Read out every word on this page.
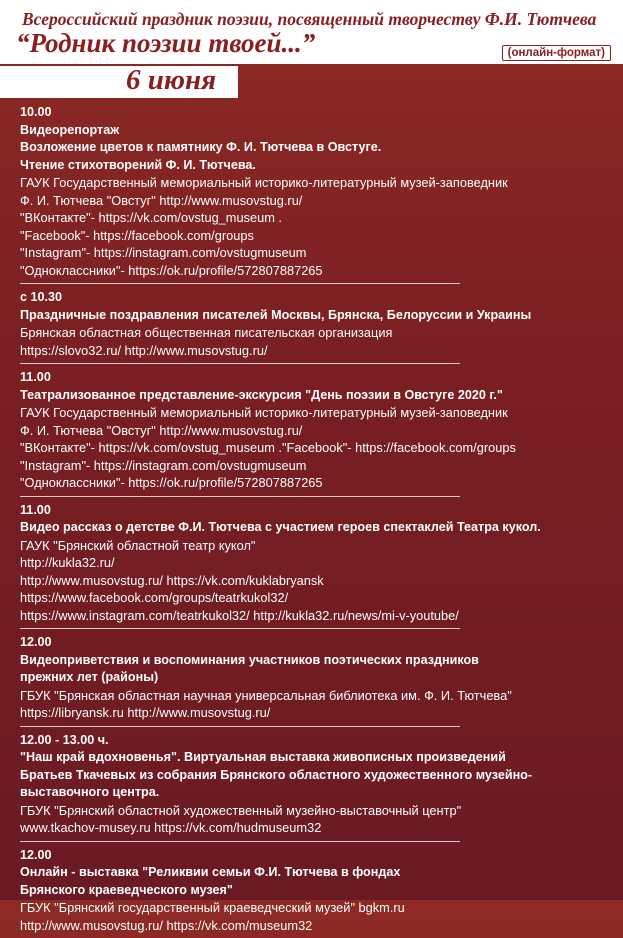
Всероссийский праздник поэзии, посвященный творчеству Ф.И. Тютчева
“Родник поэзии твоей...”	(онлайн-формат)
6 июня
10.00
Видеорепортаж
Возложение цветов к памятнику Ф. И. Тютчева в Овстуге.
Чтение стихотворений Ф. И. Тютчева.
ГАУК Государственный мемориальный историко-литературный музей-заповедник
Ф. И. Тютчева "Овстуг" http://www.musovstug.ru/
"ВКонтакте"- https://vk.com/ovstug_museum .
"Facebook"- https://facebook.com/groups
"Instagram"- https://instagram.com/ovstugmuseum
"Одноклассники"- https://ok.ru/profile/572807887265
с 10.30
Праздничные поздравления писателей Москвы, Брянска, Белоруссии и Украины
Брянская областная общественная писательская организация
https://slovo32.ru/ http://www.musovstug.ru/
11.00
Театрализованное представление-экскурсия "День поэзии в Овстуге 2020 г."
ГАУК Государственный мемориальный историко-литературный музей-заповедник
Ф. И. Тютчева "Овстуг" http://www.musovstug.ru/
"ВКонтакте"- https://vk.com/ovstug_museum ."Facebook"- https://facebook.com/groups
"Instagram"- https://instagram.com/ovstugmuseum
"Одноклассники"- https://ok.ru/profile/572807887265
11.00
Видео рассказ о детстве Ф.И. Тютчева с участием героев спектаклей Театра кукол.
ГАУК "Брянский областной театр кукол"
http://kukla32.ru/
http://www.musovstug.ru/ https://vk.com/kuklabryansk
https://www.facebook.com/groups/teatrkukol32/
https://www.instagram.com/teatrkukol32/ http://kukla32.ru/news/mi-v-youtube/
12.00
Видеоприветствия и воспоминания участников поэтических праздников
прежних лет (районы)
ГБУК "Брянская областная научная универсальная библиотека им. Ф. И. Тютчева"
https://libryansk.ru http://www.musovstug.ru/
12.00 - 13.00 ч.
"Наш край вдохновенья". Виртуальная выставка живописных произведений
Братьев Ткачевых из собрания Брянского областного художественного музейно-
выставочного центра.
ГБУК "Брянский областной художественный музейно-выставочный центр"
www.tkachov-musey.ru https://vk.com/hudmuseum32
12.00
Онлайн - выставка "Реликвии семьи Ф.И. Тютчева в фондах
Брянского краеведческого музея"
ГБУК "Брянский государственный краеведческий музей" bgkm.ru
http://www.musovstug.ru/ https://vk.com/museum32
